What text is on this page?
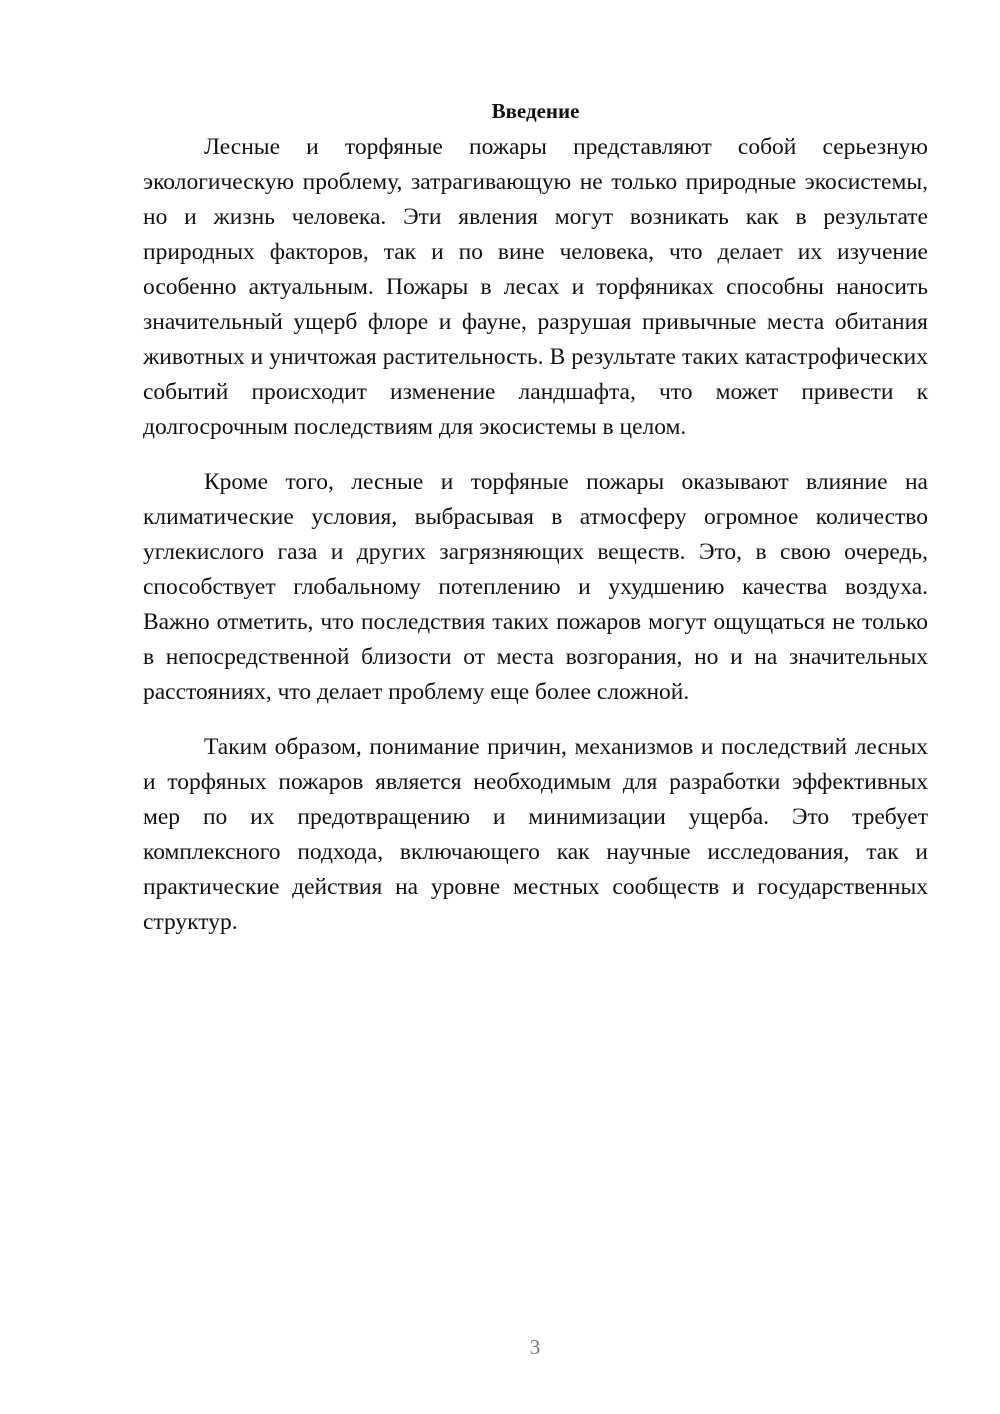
Введение

Лесные и торфяные пожары представляют собой серьезную экологическую проблему, затрагивающую не только природные экосистемы, но и жизнь человека. Эти явления могут возникать как в результате природных факторов, так и по вине человека, что делает их изучение особенно актуальным. Пожары в лесах и торфяниках способны наносить значительный ущерб флоре и фауне, разрушая привычные места обитания животных и уничтожая растительность. В результате таких катастрофических событий происходит изменение ландшафта, что может привести к долгосрочным последствиям для экосистемы в целом.

Кроме того, лесные и торфяные пожары оказывают влияние на климатические условия, выбрасывая в атмосферу огромное количество углекислого газа и других загрязняющих веществ. Это, в свою очередь, способствует глобальному потеплению и ухудшению качества воздуха. Важно отметить, что последствия таких пожаров могут ощущаться не только в непосредственной близости от места возгорания, но и на значительных расстояниях, что делает проблему еще более сложной.

Таким образом, понимание причин, механизмов и последствий лесных и торфяных пожаров является необходимым для разработки эффективных мер по их предотвращению и минимизации ущерба. Это требует комплексного подхода, включающего как научные исследования, так и практические действия на уровне местных сообществ и государственных структур.

3
